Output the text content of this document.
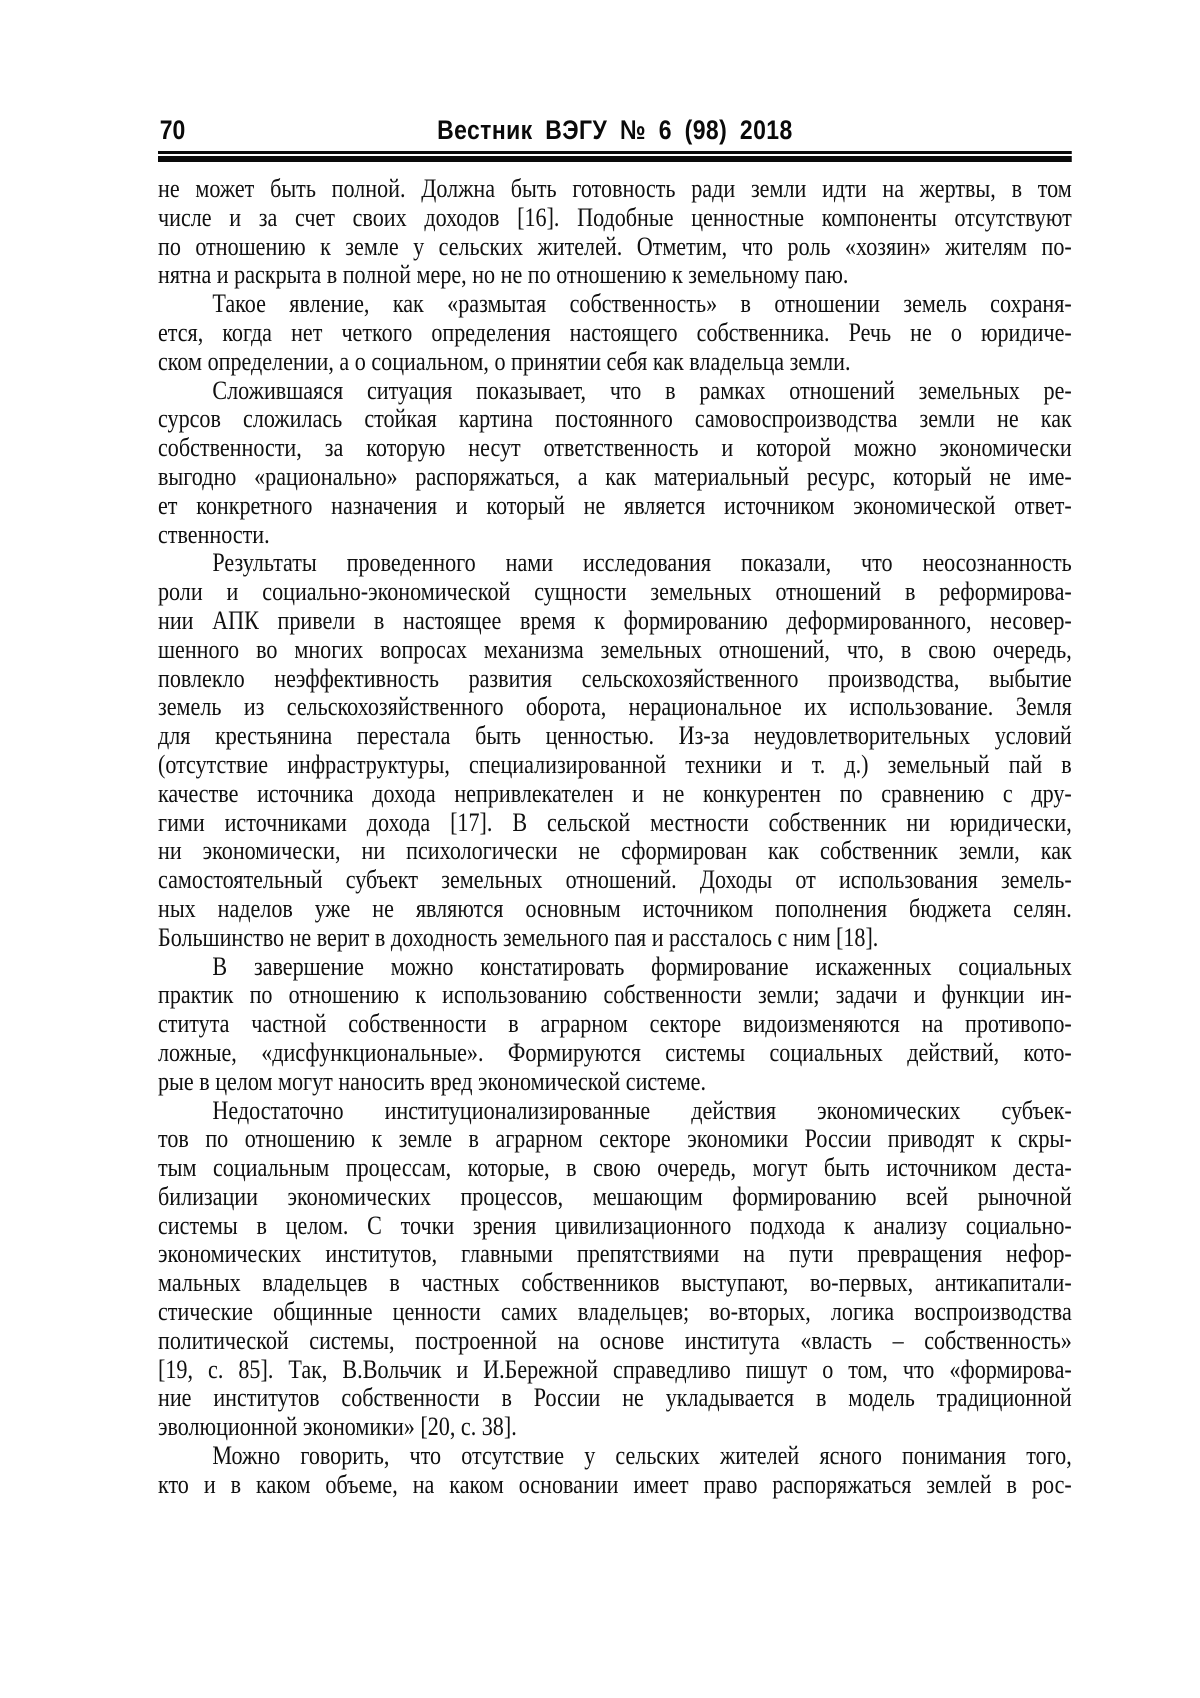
70	Вестник ВЭГУ № 6 (98) 2018
не может быть полной. Должна быть готовность ради земли идти на жертвы, в том
числе и за счет своих доходов [16]. Подобные ценностные компоненты отсутствуют
по отношению к земле у сельских жителей. Отметим, что роль «хозяин» жителям по-
нятна и раскрыта в полной мере, но не по отношению к земельному паю.
Такое явление, как «размытая собственность» в отношении земель сохраня-
ется, когда нет четкого определения настоящего собственника. Речь не о юридиче-
ском определении, а о социальном, о принятии себя как владельца земли.
Сложившаяся ситуация показывает, что в рамках отношений земельных ре-
сурсов сложилась стойкая картина постоянного самовоспроизводства земли не как
собственности, за которую несут ответственность и которой можно экономически
выгодно «рационально» распоряжаться, а как материальный ресурс, который не име-
ет конкретного назначения и который не является источником экономической ответ-
ственности.
Результаты проведенного нами исследования показали, что неосознанность
роли и социально-экономической сущности земельных отношений в реформирова-
нии АПК привели в настоящее время к формированию деформированного, несовер-
шенного во многих вопросах механизма земельных отношений, что, в свою очередь,
повлекло неэффективность развития сельскохозяйственного производства, выбытие
земель из сельскохозяйственного оборота, нерациональное их использование. Земля
для крестьянина перестала быть ценностью. Из-за неудовлетворительных условий
(отсутствие инфраструктуры, специализированной техники и т. д.) земельный пай в
качестве источника дохода непривлекателен и не конкурентен по сравнению с дру-
гими источниками дохода [17]. В сельской местности собственник ни юридически,
ни экономически, ни психологически не сформирован как собственник земли, как
самостоятельный субъект земельных отношений. Доходы от использования земель-
ных наделов уже не являются основным источником пополнения бюджета селян.
Большинство не верит в доходность земельного пая и рассталось с ним [18].
В завершение можно констатировать формирование искаженных социальных
практик по отношению к использованию собственности земли; задачи и функции ин-
ститута частной собственности в аграрном секторе видоизменяются на противопо-
ложные, «дисфункциональные». Формируются системы социальных действий, кото-
рые в целом могут наносить вред экономической системе.
Недостаточно институционализированные действия экономических субъек-
тов по отношению к земле в аграрном секторе экономики России приводят к скры-
тым социальным процессам, которые, в свою очередь, могут быть источником деста-
билизации экономических процессов, мешающим формированию всей рыночной
системы в целом. С точки зрения цивилизационного подхода к анализу социально-
экономических институтов, главными препятствиями на пути превращения нефор-
мальных владельцев в частных собственников выступают, во-первых, антикапитали-
стические общинные ценности самих владельцев; во-вторых, логика воспроизводства
политической системы, построенной на основе института «власть – собственность»
[19, с. 85]. Так, В.Вольчик и И.Бережной справедливо пишут о том, что «формирова-
ние институтов собственности в России не укладывается в модель традиционной
эволюционной экономики» [20, с. 38].
Можно говорить, что отсутствие у сельских жителей ясного понимания того,
кто и в каком объеме, на каком основании имеет право распоряжаться землей в рос-
